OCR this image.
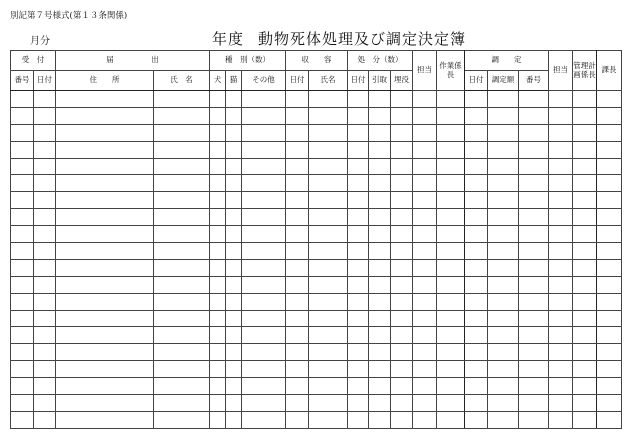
別記第７号様式(第１３条関係)
月分	年度 動物死体処理及び調定決定簿
受　付		届　　　　　出		種　別（数）			収　　容		処　分（数）			担当	作業係長	調　　定			担当	管理計画係長	課長
番号	日付	住　　所	氏　名	犬	猫	その他	日付	氏名	日付	引取	埋没			日付	調定額	番号			
